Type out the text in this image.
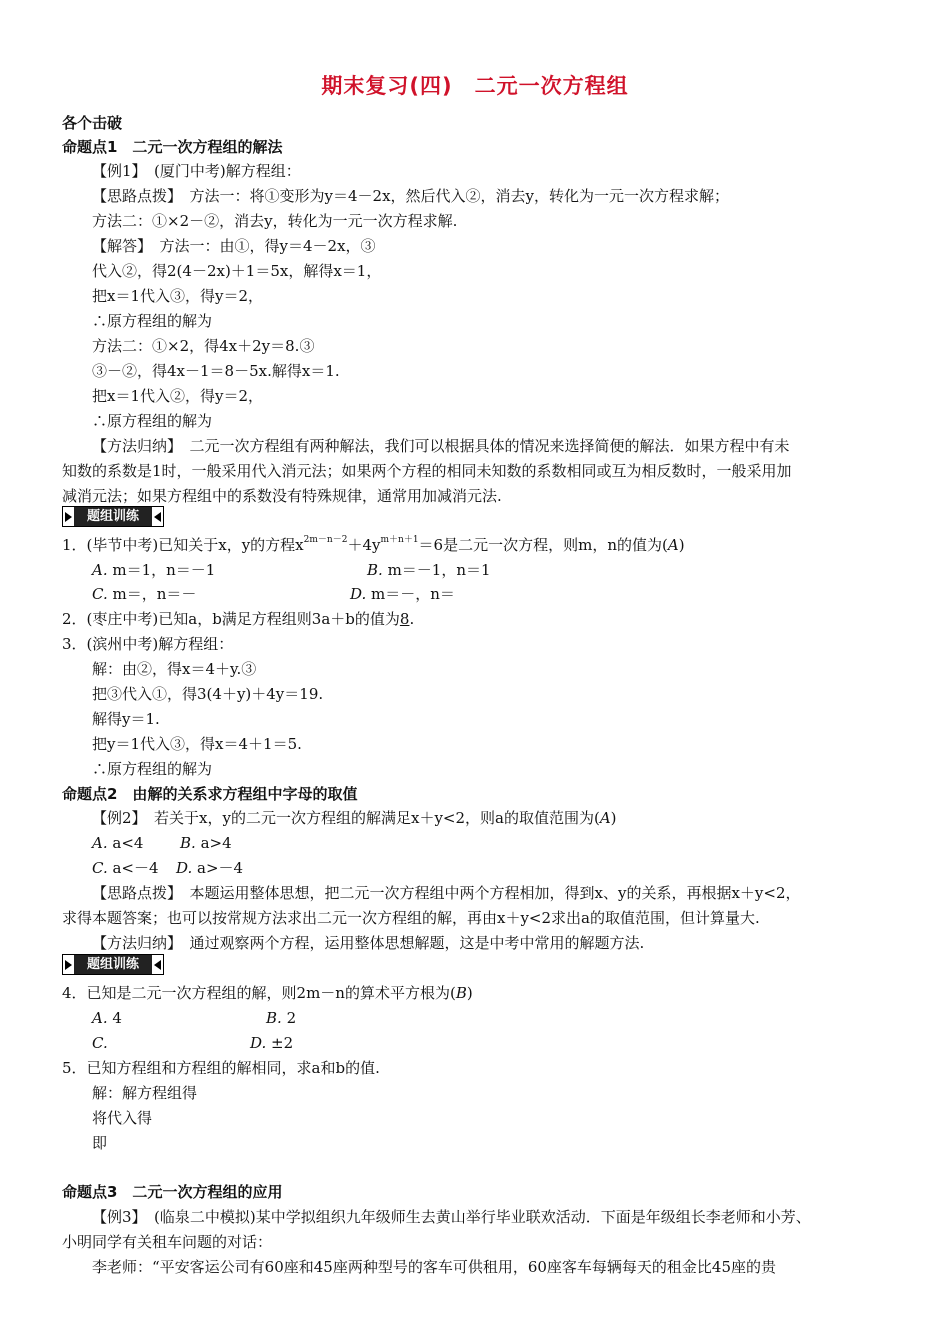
期末复习(四)　二元一次方程组
各个击破
命题点1　二元一次方程组的解法
【例1】　(厦门中考)解方程组：
【思路点拨】　方法一：将①变形为y＝4－2x，然后代入②，消去y，转化为一元一次方程求解；
方法二：①×2－②，消去y，转化为一元一次方程求解.
【解答】　方法一：由①，得y＝4－2x，③
代入②，得2(4－2x)＋1＝5x，解得x＝1，
把x＝1代入③，得y＝2，
∴原方程组的解为
方法二：①×2，得4x＋2y＝8.③
③－②，得4x－1＝8－5x.解得x＝1.
把x＝1代入②，得y＝2，
∴原方程组的解为
【方法归纳】　二元一次方程组有两种解法，我们可以根据具体的情况来选择简便的解法．如果方程中有未
知数的系数是1时，一般采用代入消元法；如果两个方程的相同未知数的系数相同或互为相反数时，一般采用加
减消元法；如果方程组中的系数没有特殊规律，通常用加减消元法.
题组训练
1．(毕节中考)已知关于x，y的方程$x^{2m-n-2}+4y^{m+n+1}=6$是二元一次方程，则m，n的值为(A)
A. m＝1，n＝－1	B. m＝－1，n＝1
C. m＝，n＝－	D. m＝－，n＝
2．(枣庄中考)已知a，b满足方程组则3a＋b的值为8.
3．(滨州中考)解方程组：
解：由②，得x＝4＋y.③
把③代入①，得3(4＋y)＋4y＝19.
解得y＝1.
把y＝1代入③，得x＝4＋1＝5.
∴原方程组的解为
命题点2　由解的关系求方程组中字母的取值
【例2】　若关于x，y的二元一次方程组的解满足x＋y<2，则a的取值范围为(A)
A. a<4 B. a>4
C. a<－4 D. a>－4
【思路点拨】　本题运用整体思想，把二元一次方程组中两个方程相加，得到x、y的关系，再根据x＋y<2，
求得本题答案；也可以按常规方法求出二元一次方程组的解，再由x＋y<2求出a的取值范围，但计算量大.
【方法归纳】　通过观察两个方程，运用整体思想解题，这是中考中常用的解题方法.
题组训练
4．已知是二元一次方程组的解，则2m－n的算术平方根为(B)
A. 4	B. 2
C.	D. ±2
5．已知方程组和方程组的解相同，求a和b的值.
解：解方程组得
将代入得
即
命题点3　二元一次方程组的应用
【例3】　(临泉二中模拟)某中学拟组织九年级师生去黄山举行毕业联欢活动．下面是年级组长李老师和小芳、
小明同学有关租车问题的对话：
李老师：“平安客运公司有60座和45座两种型号的客车可供租用，60座客车每辆每天的租金比45座的贵
